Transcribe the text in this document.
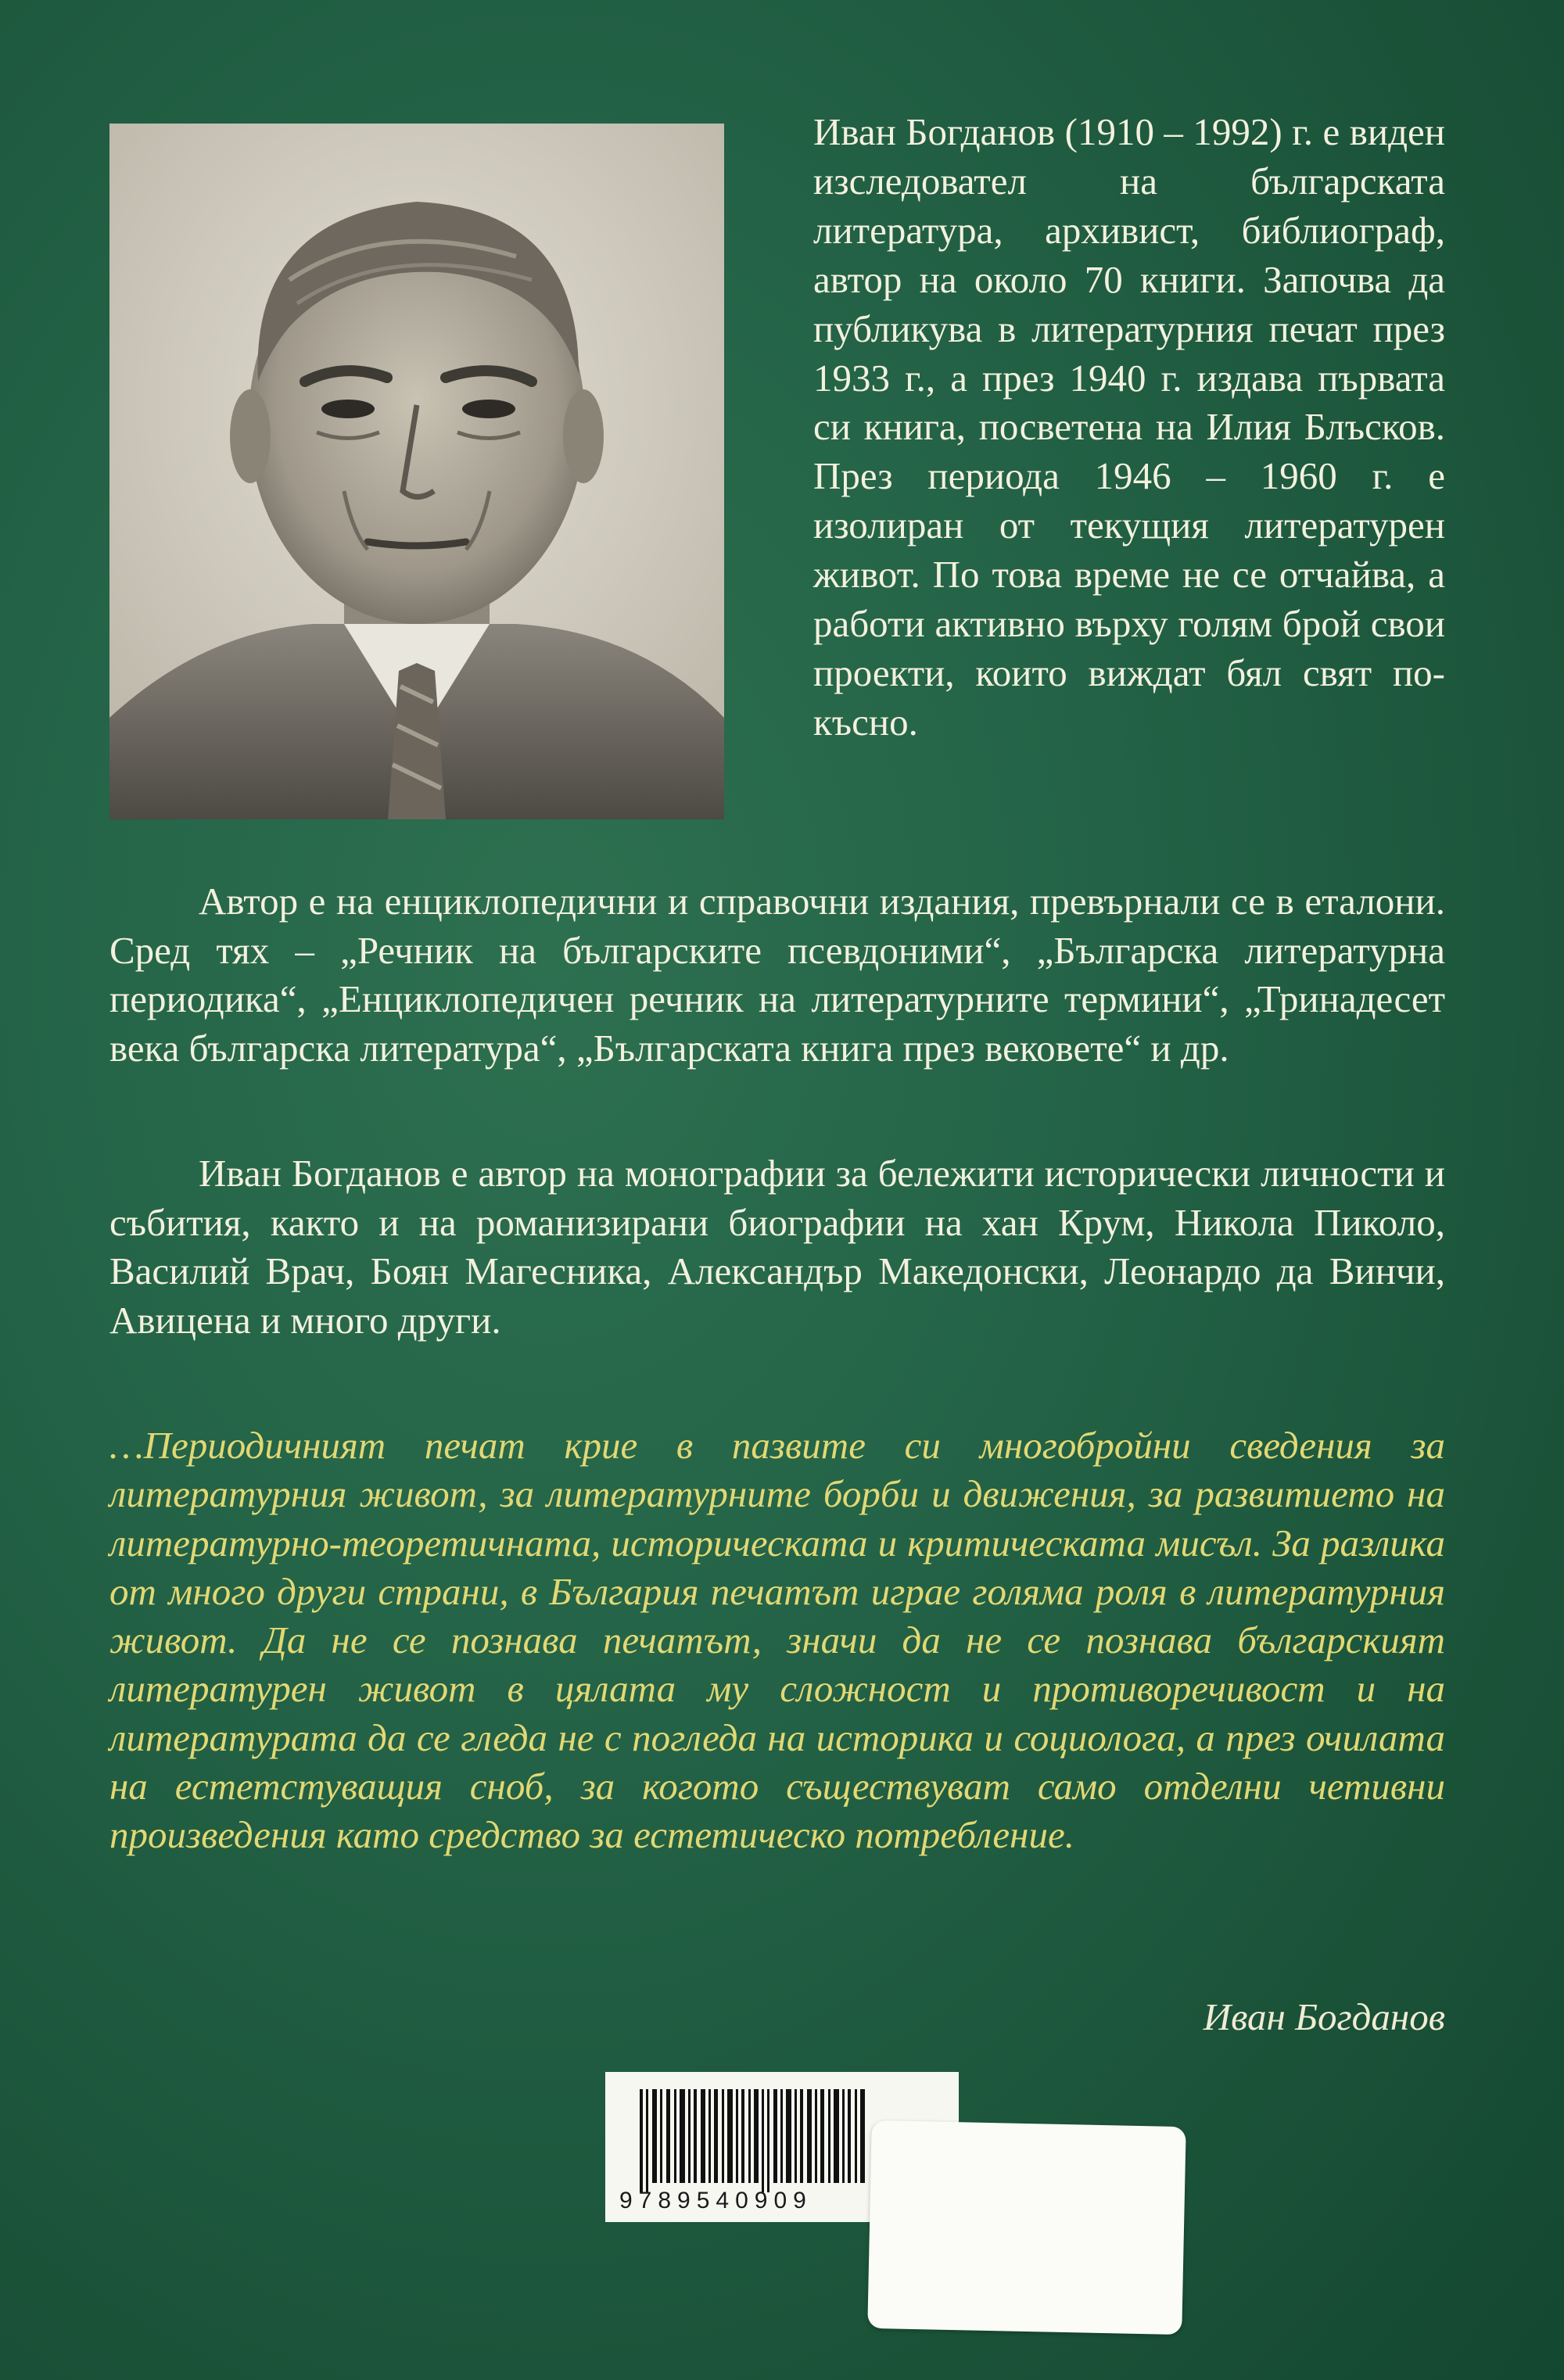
Иван Богданов (1910 – 1992) г. е виден изследовател на българската литература, архивист, библиограф, автор на около 70 книги. Започва да публикува в литературния печат през 1933 г., а през 1940 г. издава първата си книга, посветена на Илия Блъсков. През периода 1946 – 1960 г. е изолиран от текущия литературен живот. По това време не се отчайва, а работи активно върху голям брой свои проекти, които виждат бял свят по-късно.

Автор е на енциклопедични и справочни издания, превърнали се в еталони. Сред тях – „Речник на българските псевдоними“, „Българска литературна периодика“, „Енциклопедичен речник на литературните термини“, „Тринадесет века българска литература“, „Българската книга през вековете“ и др.

Иван Богданов е автор на монографии за бележити исторически личности и събития, както и на романизирани биографии на хан Крум, Никола Пиколо, Василий Врач, Боян Магесника, Александър Македонски, Леонардо да Винчи, Авицена и много други.

…Периодичният печат крие в пазвите си многобройни сведения за литературния живот, за литературните борби и движения, за развитието на литературно-теоретичната, историческата и критическата мисъл. За разлика от много други страни, в България печатът играе голяма роля в литературния живот. Да не се познава печатът, значи да не се познава българският литературен живот в цялата му сложност и противоречивост и на литературата да се гледа не с погледа на историка и социолога, а през очилата на естетстуващия сноб, за когото съществуват само отделни четивни произведения като средство за естетическо потребление.

Иван Богданов

9789540909
